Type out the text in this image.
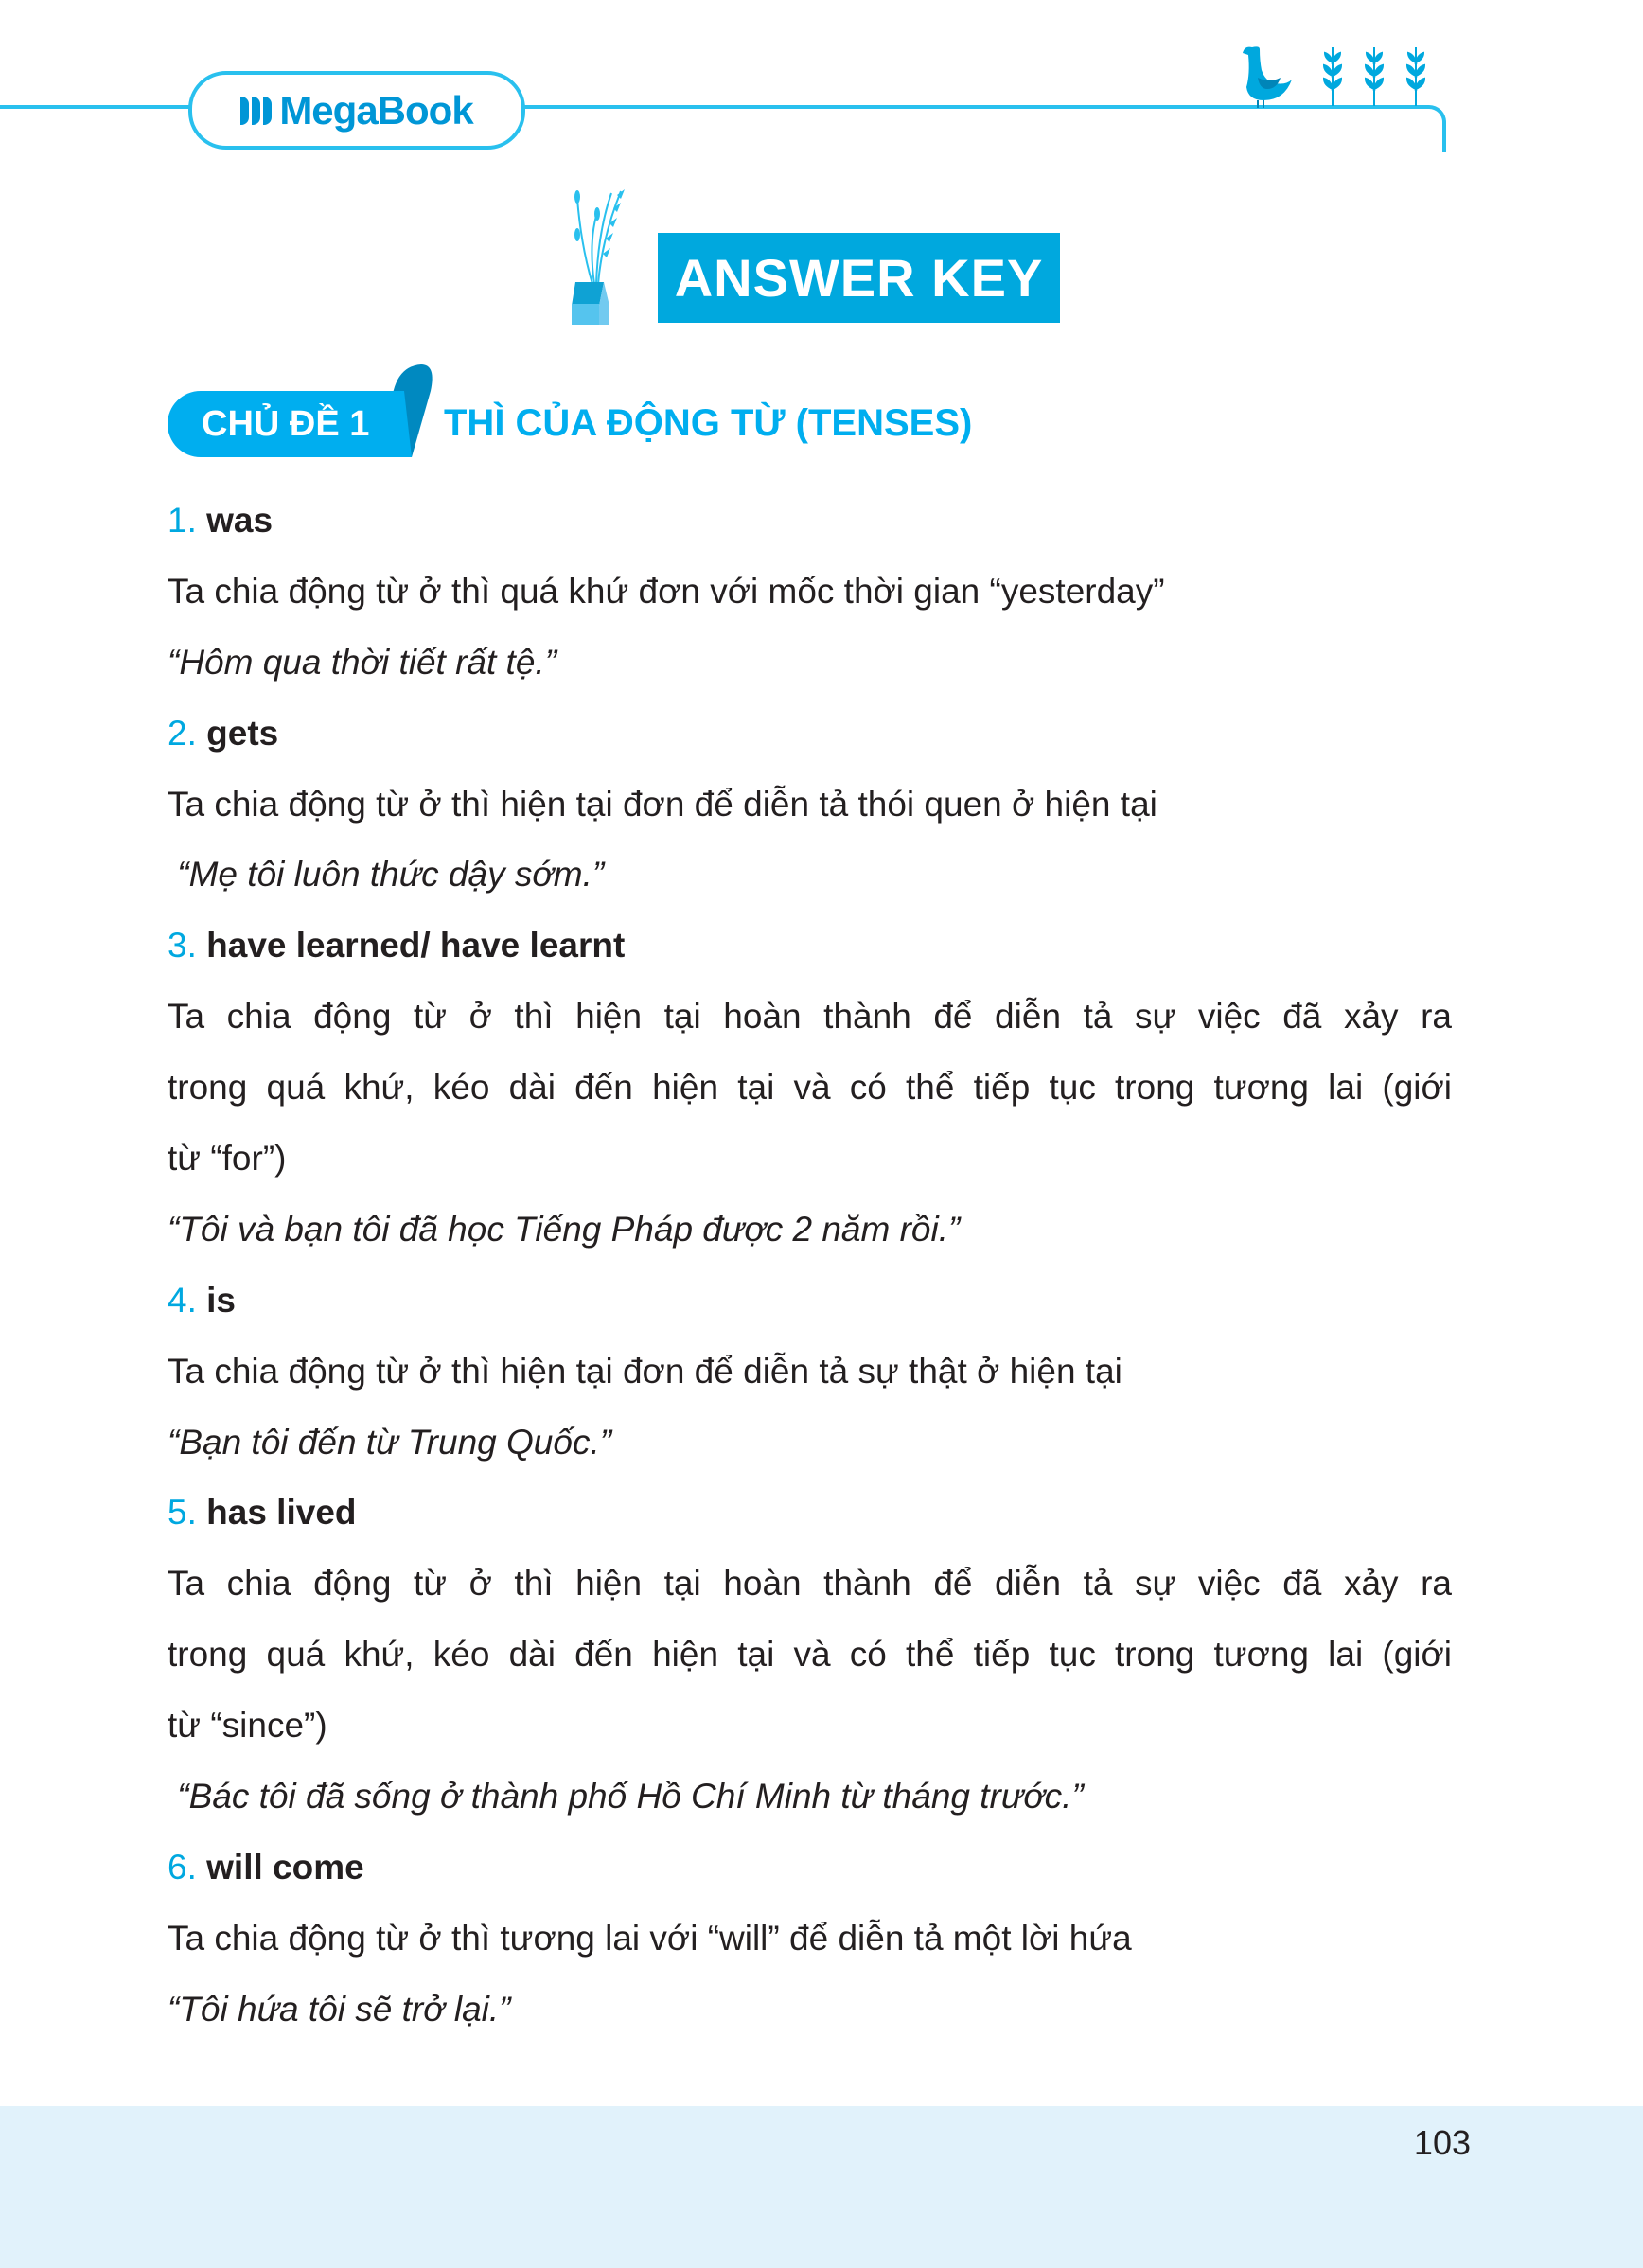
MegaBook
ANSWER KEY
CHỦ ĐỀ 1	THÌ CỦA ĐỘNG TỪ (TENSES)
1. was
Ta chia động từ ở thì quá khứ đơn với mốc thời gian “yesterday”
“Hôm qua thời tiết rất tệ.”
2. gets
Ta chia động từ ở thì hiện tại đơn để diễn tả thói quen ở hiện tại
“Mẹ tôi luôn thức dậy sớm.”
3. have learned/ have learnt
Ta chia động từ ở thì hiện tại hoàn thành để diễn tả sự việc đã xảy ra
trong quá khứ, kéo dài đến hiện tại và có thể tiếp tục trong tương lai (giới
từ “for”)
“Tôi và bạn tôi đã học Tiếng Pháp được 2 năm rồi.”
4. is
Ta chia động từ ở thì hiện tại đơn để diễn tả sự thật ở hiện tại
“Bạn tôi đến từ Trung Quốc.”
5. has lived
Ta chia động từ ở thì hiện tại hoàn thành để diễn tả sự việc đã xảy ra
trong quá khứ, kéo dài đến hiện tại và có thể tiếp tục trong tương lai (giới
từ “since”)
“Bác tôi đã sống ở thành phố Hồ Chí Minh từ tháng trước.”
6. will come
Ta chia động từ ở thì tương lai với “will” để diễn tả một lời hứa
“Tôi hứa tôi sẽ trở lại.”
103
